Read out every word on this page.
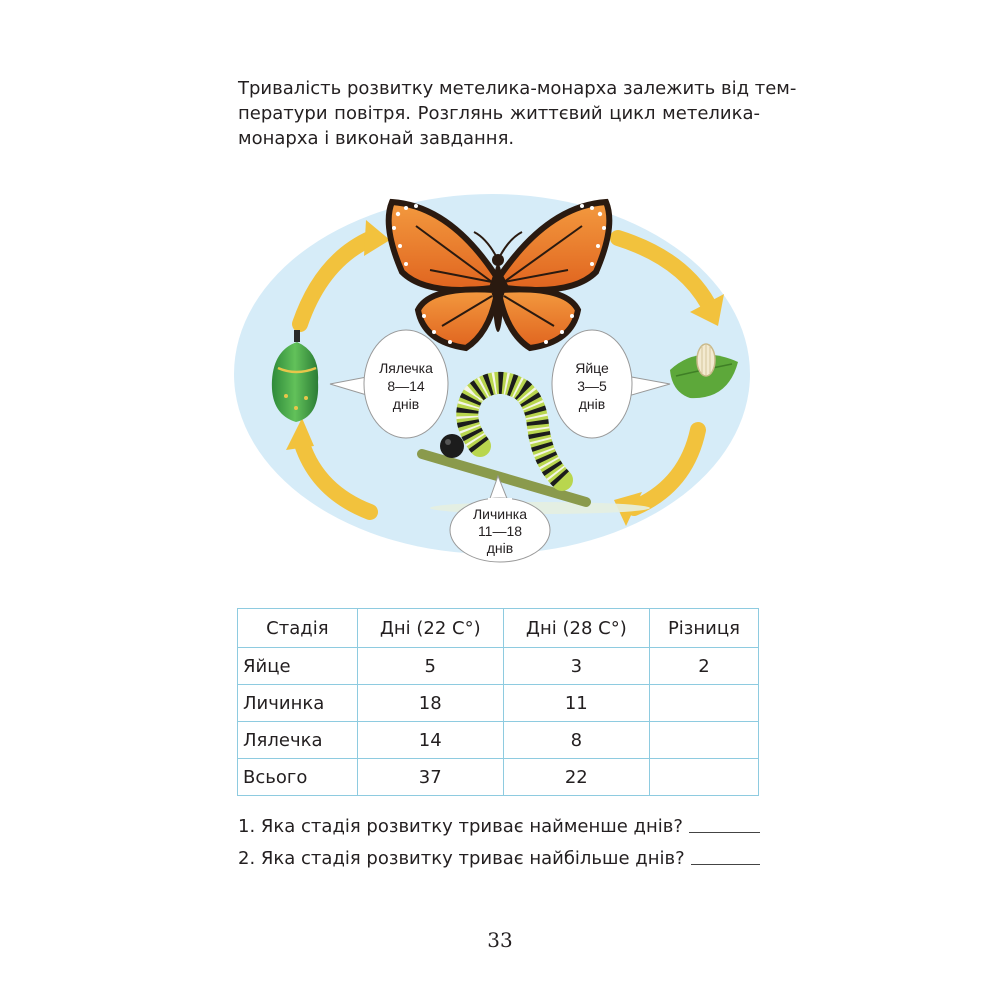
Тривалість розвитку метелика-монарха залежить від тем-
ператури повітря. Розглянь життєвий цикл метелика-
монарха і виконай завдання.

Лялечка
8—14
днів
Яйце
3—5
днів
Личинка
11—18
днів
Стадія	Дні (22 С°)	Дні (28 С°)	Різниця
Яйце	5	3	2
Личинка	18	11	
Лялечка	14	8	
Всього	37	22	
1. Яка стадія розвитку триває найменше днів?
2. Яка стадія розвитку триває найбільше днів?
33
